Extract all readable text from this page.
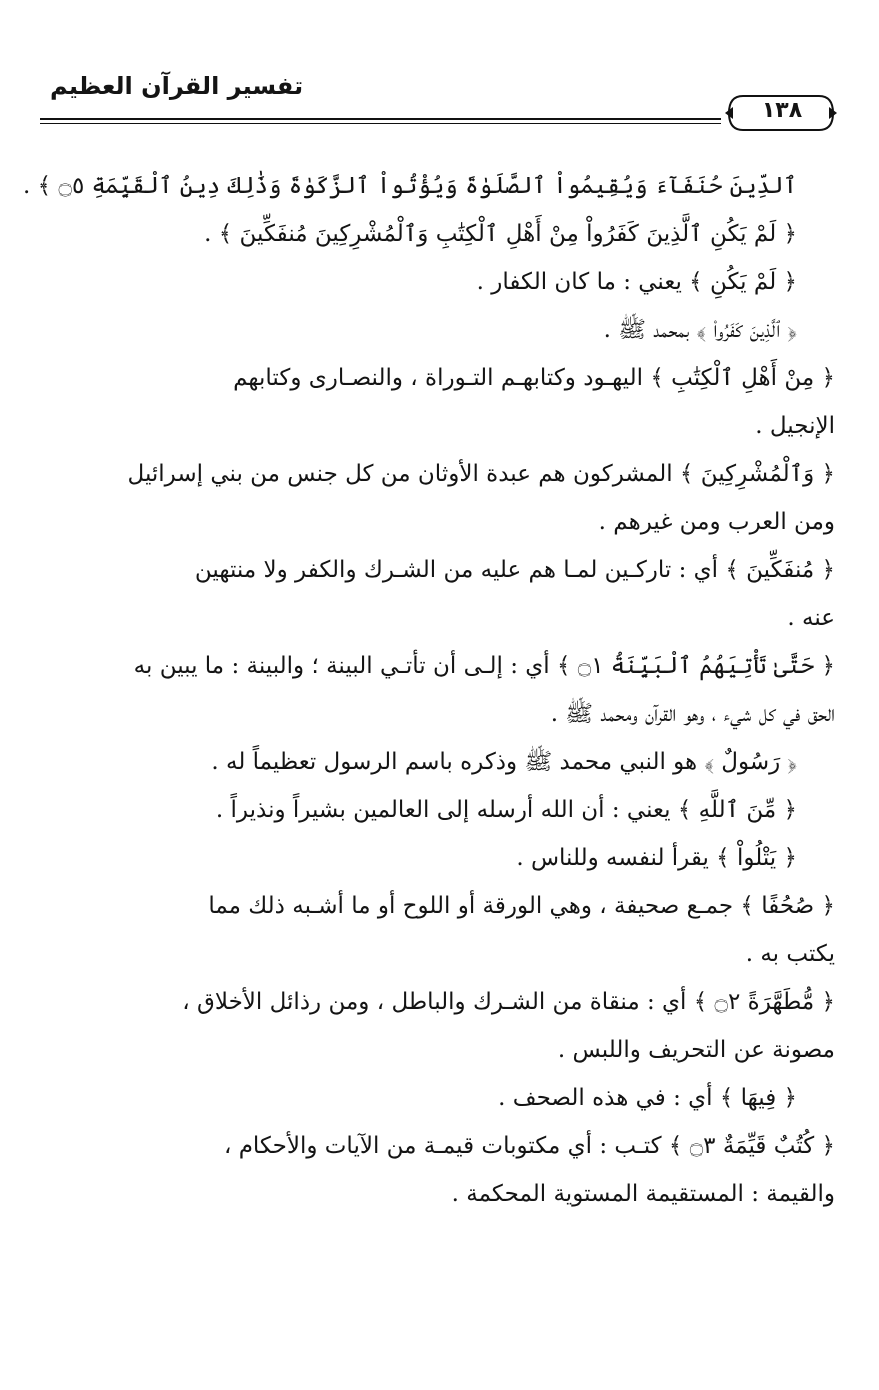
تفسير القرآن العظيم
١٣٨
ٱلدِّينَ حُنَفَآءَ وَيُقِيمُواْ ٱلصَّلَوٰةَ وَيُؤْتُواْ ٱلزَّكَوٰةَ وَذَٰلِكَ دِينُ ٱلْقَيِّمَةِ ۝٥ ﴾ .
﴿ لَمْ يَكُنِ ٱلَّذِينَ كَفَرُواْ مِنْ أَهْلِ ٱلْكِتَٰبِ وَٱلْمُشْرِكِينَ مُنفَكِّينَ ﴾ .
﴿ لَمْ يَكُنِ ﴾ يعني : ما كان الكفار .
﴿ ٱلَّذِينَ كَفَرُواْ ﴾ بمحمد ﷺ .
﴿ مِنْ أَهْلِ ٱلْكِتَٰبِ ﴾ اليهـود وكتابهـم التـوراة ، والنصـارى وكتابهم
الإنجيل .
﴿ وَٱلْمُشْرِكِينَ ﴾ المشركون هم عبدة الأوثان من كل جنس من بني إسرائيل
ومن العرب ومن غيرهم .
﴿ مُنفَكِّينَ ﴾ أي : تاركـين لمـا هم عليه من الشـرك والكفر ولا منتهين
عنه .
﴿ حَتَّىٰ تَأْتِيَهُمُ ٱلْبَيِّنَةُ ۝١ ﴾ أي : إلـى أن تأتـي البينة ؛ والبينة : ما يبين به
الحق في كل شيء ، وهو القرآن ومحمد ﷺ .
﴿ رَسُولٌ ﴾ هو النبي محمد ﷺ وذكره باسم الرسول تعظيماً له .
﴿ مِّنَ ٱللَّهِ ﴾ يعني : أن الله أرسله إلى العالمين بشيراً ونذيراً .
﴿ يَتْلُواْ ﴾ يقرأ لنفسه وللناس .
﴿ صُحُفًا ﴾ جمـع صحيفة ، وهي الورقة أو اللوح أو ما أشـبه ذلك مما
يكتب به .
﴿ مُّطَهَّرَةً ۝٢ ﴾ أي : منقاة من الشـرك والباطل ، ومن رذائل الأخلاق ،
مصونة عن التحريف واللبس .
﴿ فِيهَا ﴾ أي : في هذه الصحف .
﴿ كُتُبٌ قَيِّمَةٌ ۝٣ ﴾ كتـب : أي مكتوبات قيمـة من الآيات والأحكام ،
والقيمة : المستقيمة المستوية المحكمة .
